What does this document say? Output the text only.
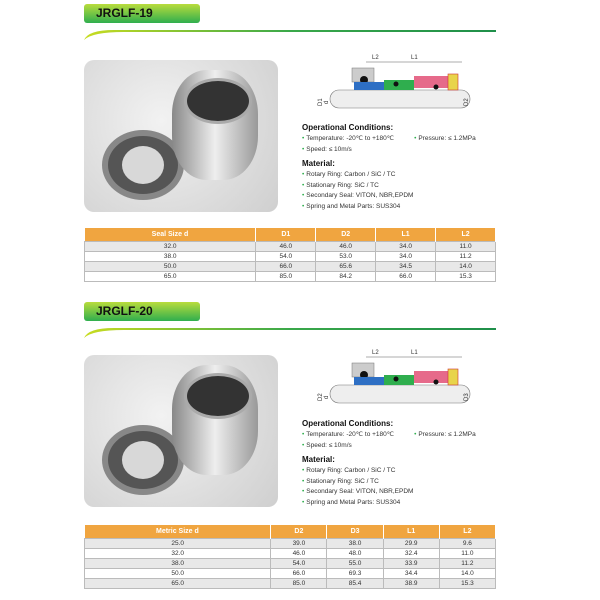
JRGLF-19
L2	L1
D1 d	D2
Operational Conditions:
• Temperature: -20℃ to +180℃	• Pressure: ≤ 1.2MPa
• Speed: ≤ 10m/s
Material:
• Rotary Ring: Carbon / SiC / TC
• Stationary Ring: SiC / TC
• Secondary Seal: VITON, NBR,EPDM
• Spring and Metal Parts: SUS304
Seal Size d	D1	D2	L1	L2
32.0	46.0	46.0	34.0	11.0
38.0	54.0	53.0	34.0	11.2
50.0	66.0	65.6	34.5	14.0
65.0	85.0	84.2	66.0	15.3
JRGLF-20
L2	L1
D2 d	D3
Operational Conditions:
• Temperature: -20℃ to +180℃	• Pressure: ≤ 1.2MPa
• Speed: ≤ 10m/s
Material:
• Rotary Ring: Carbon / SiC / TC
• Stationary Ring: SiC / TC
• Secondary Seal: VITON, NBR,EPDM
• Spring and Metal Parts: SUS304
Metric Size d	D2	D3	L1	L2
25.0	39.0	38.0	29.9	9.6
32.0	46.0	48.0	32.4	11.0
38.0	54.0	55.0	33.9	11.2
50.0	66.0	69.3	34.4	14.0
65.0	85.0	85.4	38.9	15.3
